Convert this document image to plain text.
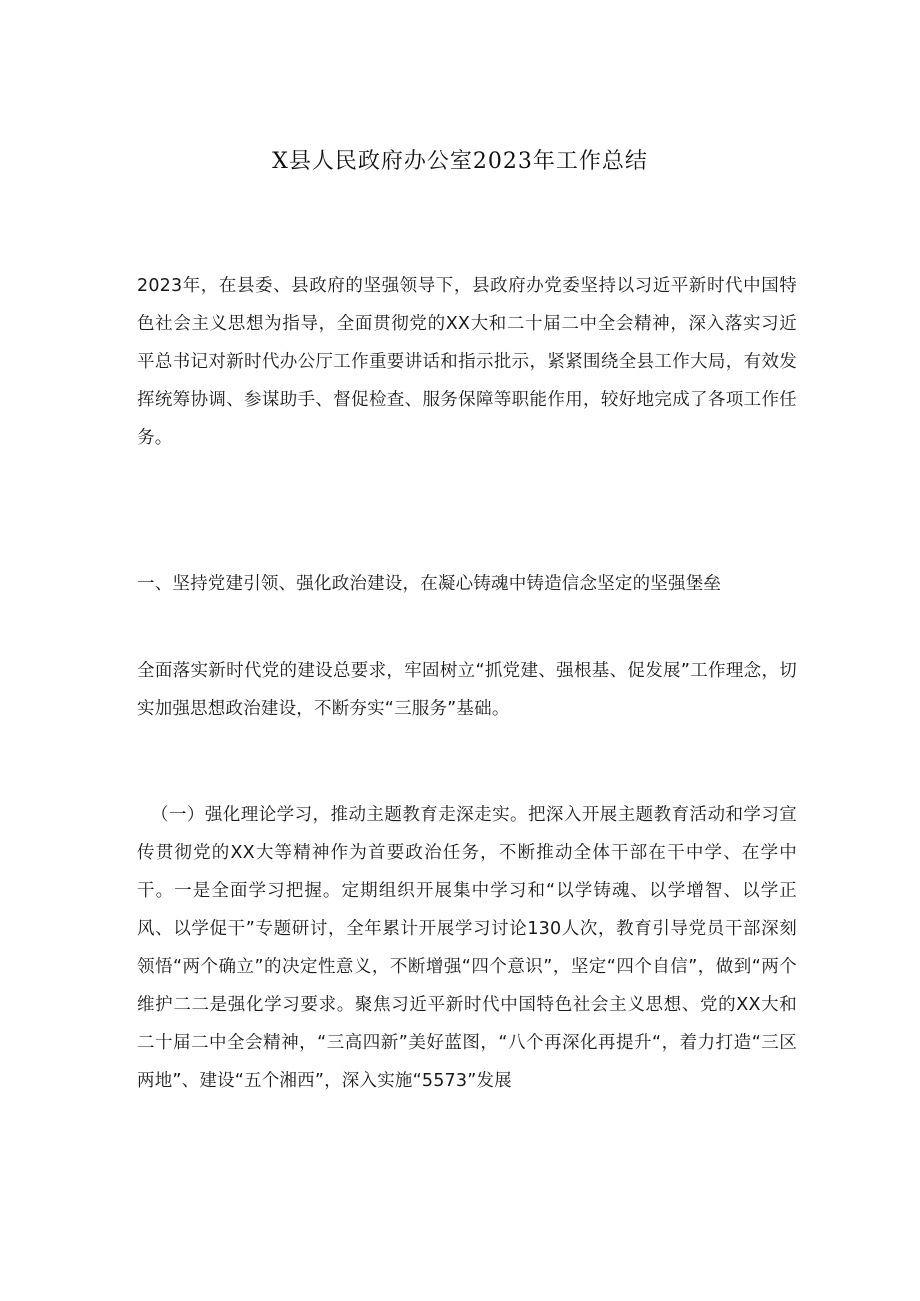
X县人民政府办公室2023年工作总结
2023年，在县委、县政府的坚强领导下，县政府办党委坚持以习近平新时代中国特色社会主义思想为指导，全面贯彻党的XX大和二十届二中全会精神，深入落实习近平总书记对新时代办公厅工作重要讲话和指示批示，紧紧围绕全县工作大局，有效发挥统筹协调、参谋助手、督促检查、服务保障等职能作用，较好地完成了各项工作任务。
一、坚持党建引领、强化政治建设，在凝心铸魂中铸造信念坚定的坚强堡垒
全面落实新时代党的建设总要求，牢固树立“抓党建、强根基、促发展”工作理念，切实加强思想政治建设，不断夯实“三服务”基础。
（一）强化理论学习，推动主题教育走深走实。把深入开展主题教育活动和学习宣传贯彻党的XX大等精神作为首要政治任务，不断推动全体干部在干中学、在学中干。一是全面学习把握。定期组织开展集中学习和“以学铸魂、以学增智、以学正风、以学促干”专题研讨，全年累计开展学习讨论130人次，教育引导党员干部深刻领悟“两个确立”的决定性意义，不断增强“四个意识”，坚定“四个自信”，做到“两个维护二二是强化学习要求。聚焦习近平新时代中国特色社会主义思想、党的XX大和二十届二中全会精神，“三高四新”美好蓝图，“八个再深化再提升“，着力打造“三区两地”、建设“五个湘西”，深入实施“5573”发展
